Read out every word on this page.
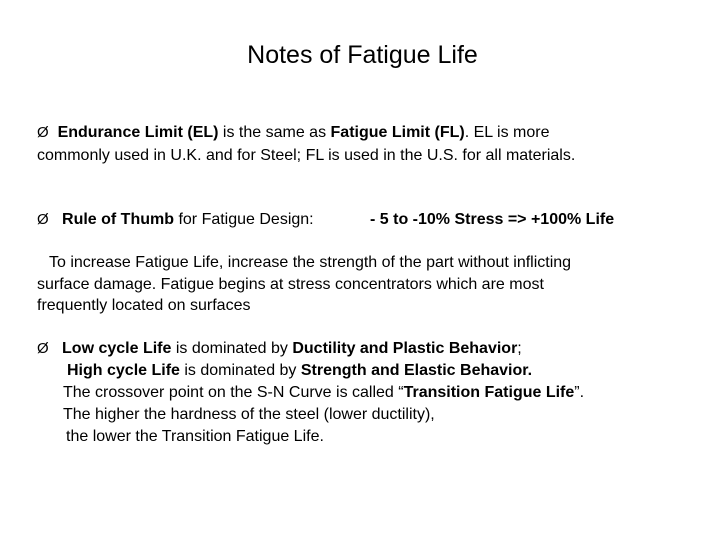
Notes of Fatigue Life
Ø Endurance Limit (EL) is the same as Fatigue Limit (FL). EL is more
commonly used in U.K. and for Steel; FL is used in the U.S. for all materials.
Ø Rule of Thumb for Fatigue Design:	- 5 to -10% Stress => +100% Life
To increase Fatigue Life, increase the strength of the part without inflicting
surface damage. Fatigue begins at stress concentrators which are most
frequently located on surfaces
Ø Low cycle Life is dominated by Ductility and Plastic Behavior;
High cycle Life is dominated by Strength and Elastic Behavior.
The crossover point on the S-N Curve is called “Transition Fatigue Life”.
The higher the hardness of the steel (lower ductility),
the lower the Transition Fatigue Life.
